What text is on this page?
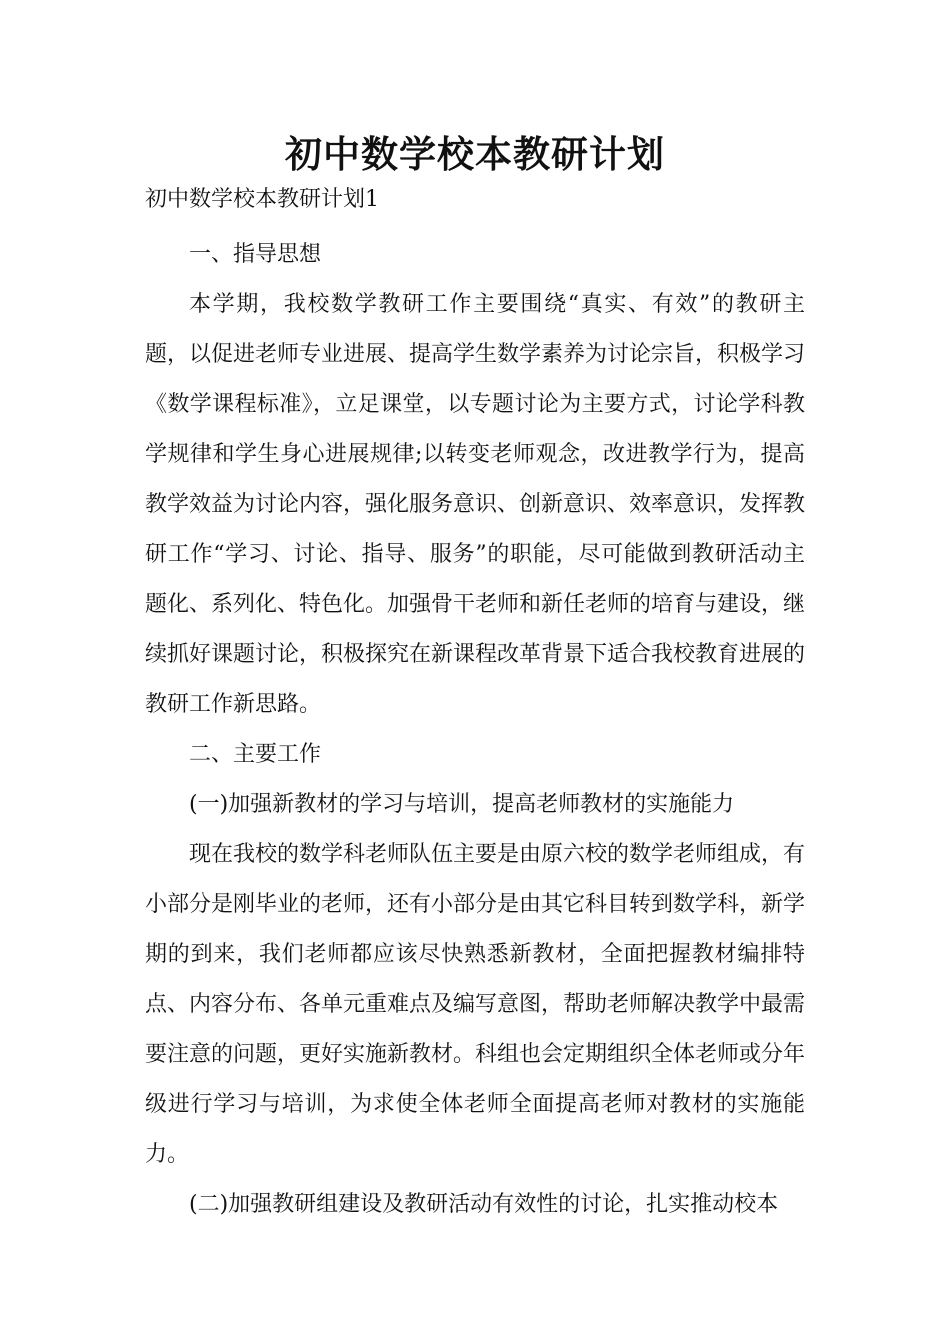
初中数学校本教研计划

初中数学校本教研计划1

一、指导思想

本学期，我校数学教研工作主要围绕“真实、有效”的教研主题，以促进老师专业进展、提高学生数学素养为讨论宗旨，积极学习《数学课程标准》，立足课堂，以专题讨论为主要方式，讨论学科教学规律和学生身心进展规律;以转变老师观念，改进教学行为，提高教学效益为讨论内容，强化服务意识、创新意识、效率意识，发挥教研工作“学习、讨论、指导、服务”的职能，尽可能做到教研活动主题化、系列化、特色化。加强骨干老师和新任老师的培育与建设，继续抓好课题讨论，积极探究在新课程改革背景下适合我校教育进展的教研工作新思路。

二、主要工作

(一)加强新教材的学习与培训，提高老师教材的实施能力

现在我校的数学科老师队伍主要是由原六校的数学老师组成，有小部分是刚毕业的老师，还有小部分是由其它科目转到数学科，新学期的到来，我们老师都应该尽快熟悉新教材，全面把握教材编排特点、内容分布、各单元重难点及编写意图，帮助老师解决教学中最需要注意的问题，更好实施新教材。科组也会定期组织全体老师或分年级进行学习与培训，为求使全体老师全面提高老师对教材的实施能力。

(二)加强教研组建设及教研活动有效性的讨论，扎实推动校本
